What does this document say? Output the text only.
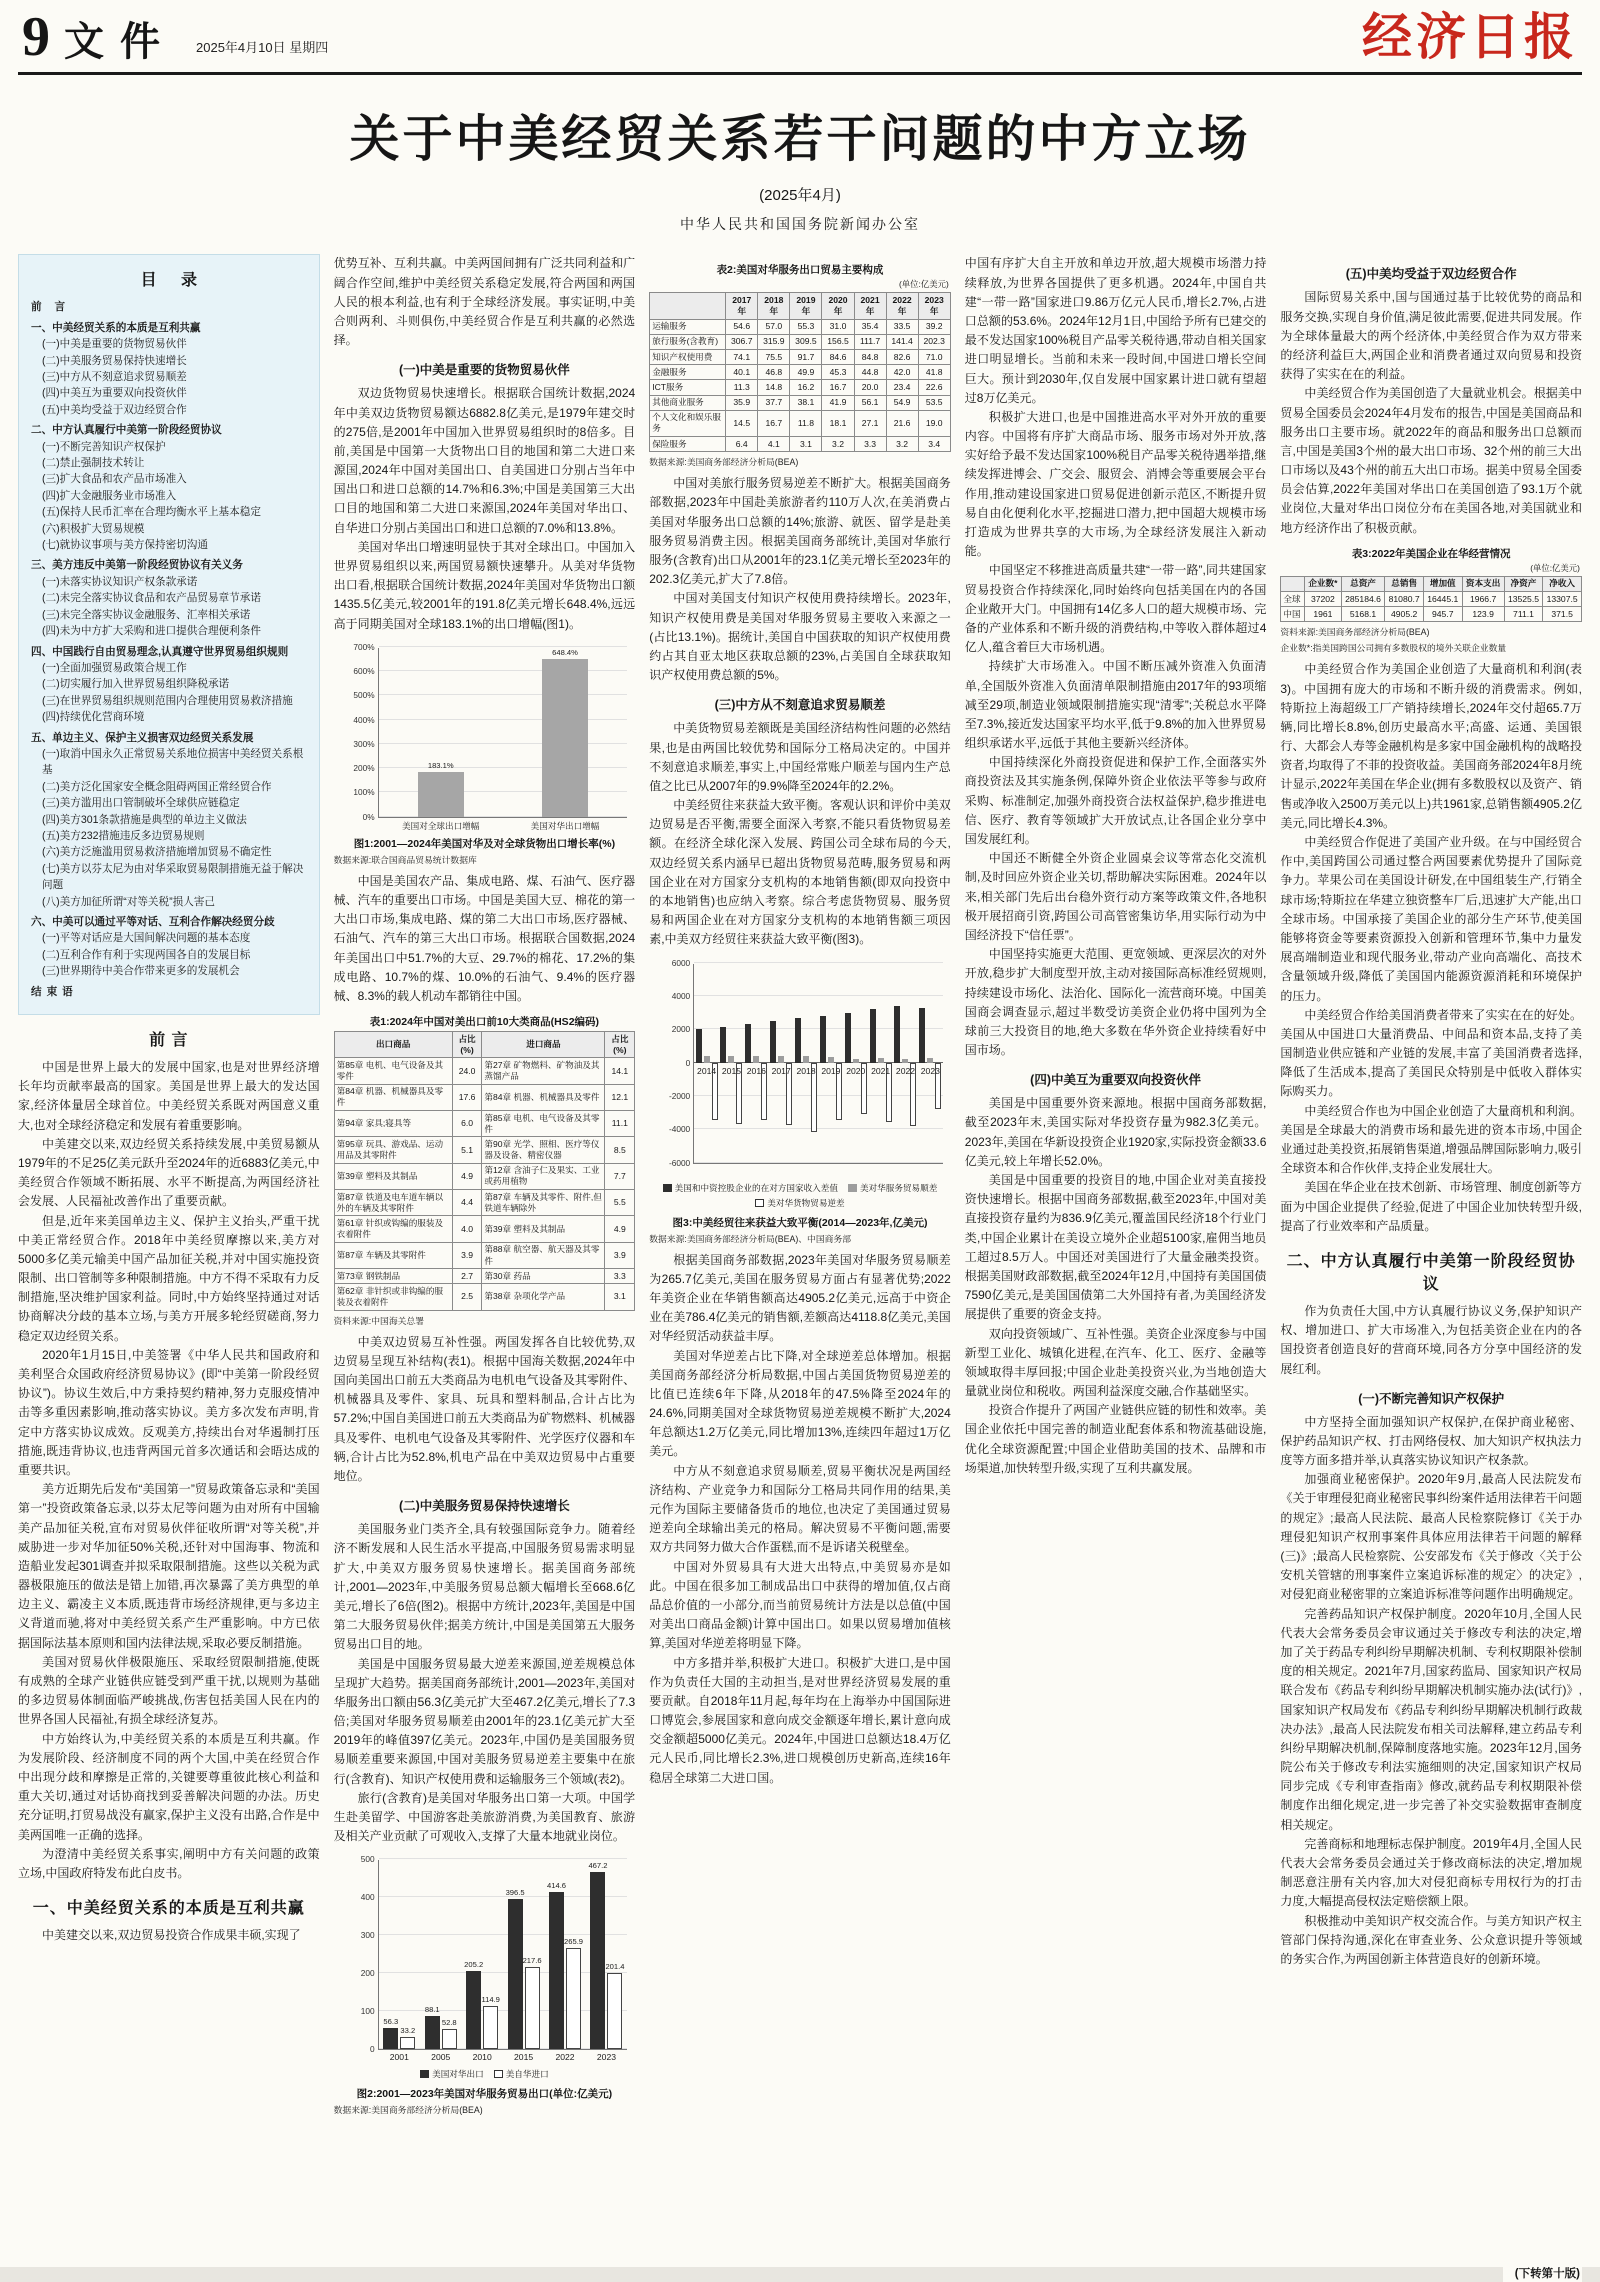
9 文件 2025年4月10日 星期四	经济日报
关于中美经贸关系若干问题的中方立场
(2025年4月)
中华人民共和国国务院新闻办公室
目 录
前 言
一、中美经贸关系的本质是互利共赢
(一)中美是重要的货物贸易伙伴
(二)中美服务贸易保持快速增长
(三)中方从不刻意追求贸易顺差
(四)中美互为重要双向投资伙伴
(五)中美均受益于双边经贸合作
二、中方认真履行中美第一阶段经贸协议
(一)不断完善知识产权保护
(二)禁止强制技术转让
(三)扩大食品和农产品市场准入
(四)扩大金融服务业市场准入
(五)保持人民币汇率在合理均衡水平上基本稳定
(六)积极扩大贸易规模
(七)就协议事项与美方保持密切沟通
三、美方违反中美第一阶段经贸协议有关义务
(一)未落实协议知识产权条款承诺
(二)未完全落实协议食品和农产品贸易章节承诺
(三)未完全落实协议金融服务、汇率相关承诺
(四)未为中方扩大采购和进口提供合理便利条件
四、中国践行自由贸易理念,认真遵守世界贸易组织规则
(一)全面加强贸易政策合规工作
(二)切实履行加入世界贸易组织降税承诺
(三)在世界贸易组织规则范围内合理使用贸易救济措施
(四)持续优化营商环境
五、单边主义、保护主义损害双边经贸关系发展
(一)取消中国永久正常贸易关系地位损害中美经贸关系根基
(二)美方泛化国家安全概念阻碍两国正常经贸合作
(三)美方滥用出口管制破坏全球供应链稳定
(四)美方301条款措施是典型的单边主义做法
(五)美方232措施违反多边贸易规则
(六)美方泛施滥用贸易救济措施增加贸易不确定性
(七)美方以芬太尼为由对华采取贸易限制措施无益于解决问题
(八)美方加征所谓“对等关税”损人害己
六、中美可以通过平等对话、互利合作解决经贸分歧
(一)平等对话应是大国间解决问题的基本态度
(二)互利合作有利于实现两国各自的发展目标
(三)世界期待中美合作带来更多的发展机会
结束语
前 言

中国是世界上最大的发展中国家,也是对世界经济增长年均贡献率最高的国家。美国是世界上最大的发达国家,经济体量居全球首位。中美经贸关系既对两国意义重大,也对全球经济稳定和发展有着重要影响。

中美建交以来,双边经贸关系持续发展,中美贸易额从1979年的不足25亿美元跃升至2024年的近6883亿美元,中美经贸合作领域不断拓展、水平不断提高,为两国经济社会发展、人民福祉改善作出了重要贡献。

但是,近年来美国单边主义、保护主义抬头,严重干扰中美正常经贸合作。2018年中美经贸摩擦以来,美方对5000多亿美元输美中国产品加征关税,并对中国实施投资限制、出口管制等多种限制措施。中方不得不采取有力反制措施,坚决维护国家利益。同时,中方始终坚持通过对话协商解决分歧的基本立场,与美方开展多轮经贸磋商,努力稳定双边经贸关系。

2020年1月15日,中美签署《中华人民共和国政府和美利坚合众国政府经济贸易协议》(即“中美第一阶段经贸协议”)。协议生效后,中方秉持契约精神,努力克服疫情冲击等多重因素影响,推动落实协议。美方多次发布声明,肯定中方落实协议成效。反观美方,持续出台对华遏制打压措施,既违背协议,也违背两国元首多次通话和会晤达成的重要共识。

美方近期先后发布“美国第一”贸易政策备忘录和“美国第一”投资政策备忘录,以芬太尼等问题为由对所有中国输美产品加征关税,宣布对贸易伙伴征收所谓“对等关税”,并威胁进一步对华加征50%关税,还针对中国海事、物流和造船业发起301调查并拟采取限制措施。这些以关税为武器极限施压的做法是错上加错,再次暴露了美方典型的单边主义、霸凌主义本质,既违背市场经济规律,更与多边主义背道而驰,将对中美经贸关系产生严重影响。中方已依据国际法基本原则和国内法律法规,采取必要反制措施。

美国对贸易伙伴极限施压、采取经贸限制措施,使既有成熟的全球产业链供应链受到严重干扰,以规则为基础的多边贸易体制面临严峻挑战,伤害包括美国人民在内的世界各国人民福祉,有损全球经济复苏。

中方始终认为,中美经贸关系的本质是互利共赢。作为发展阶段、经济制度不同的两个大国,中美在经贸合作中出现分歧和摩擦是正常的,关键要尊重彼此核心利益和重大关切,通过对话协商找到妥善解决问题的办法。历史充分证明,打贸易战没有赢家,保护主义没有出路,合作是中美两国唯一正确的选择。

为澄清中美经贸关系事实,阐明中方有关问题的政策立场,中国政府特发布此白皮书。

一、中美经贸关系的本质是互利共赢

中美建交以来,双边贸易投资合作成果丰硕,实现了

优势互补、互利共赢。中美两国间拥有广泛共同利益和广阔合作空间,维护中美经贸关系稳定发展,符合两国和两国人民的根本利益,也有利于全球经济发展。事实证明,中美合则两利、斗则俱伤,中美经贸合作是互利共赢的必然选择。

(一)中美是重要的货物贸易伙伴

双边货物贸易快速增长。根据联合国统计数据,2024年中美双边货物贸易额达6882.8亿美元,是1979年建交时的275倍,是2001年中国加入世界贸易组织时的8倍多。目前,美国是中国第一大货物出口目的地国和第二大进口来源国,2024年中国对美国出口、自美国进口分别占当年中国出口和进口总额的14.7%和6.3%;中国是美国第三大出口目的地国和第二大进口来源国,2024年美国对华出口、自华进口分别占美国出口和进口总额的7.0%和13.8%。

美国对华出口增速明显快于其对全球出口。中国加入世界贸易组织以来,两国贸易额快速攀升。从美对华货物出口看,根据联合国统计数据,2024年美国对华货物出口额1435.5亿美元,较2001年的191.8亿美元增长648.4%,远远高于同期美国对全球183.1%的出口增幅(图1)。

0%
100%
200%
300%
400%
500%
600%
700%
183.1%
美国对全球出口增幅
648.4%
美国对华出口增幅
图1:2001—2024年美国对华及对全球货物出口增长率(%)
数据来源:联合国商品贸易统计数据库

中国是美国农产品、集成电路、煤、石油气、医疗器械、汽车的重要出口市场。中国是美国大豆、棉花的第一大出口市场,集成电路、煤的第二大出口市场,医疗器械、石油气、汽车的第三大出口市场。根据联合国数据,2024年美国出口中51.7%的大豆、29.7%的棉花、17.2%的集成电路、10.7%的煤、10.0%的石油气、9.4%的医疗器械、8.3%的载人机动车都销往中国。

表1:2024年中国对美出口前10大类商品(HS2编码)
出口商品	占比(%)	进口商品	占比(%)
第85章 电机、电气设备及其零件	24.0	第27章 矿物燃料、矿物油及其蒸馏产品	14.1
第84章 机器、机械器具及零件	17.6	第84章 机器、机械器具及零件	12.1
第94章 家具;寝具等	6.0	第85章 电机、电气设备及其零件	11.1
第95章 玩具、游戏品、运动用品及其零附件	5.1	第90章 光学、照相、医疗等仪器及设备、精密仪器	8.5
第39章 塑料及其制品	4.9	第12章 含油子仁及果实、工业或药用植物	7.7
第87章 铁道及电车道车辆以外的车辆及其零附件	4.4	第87章 车辆及其零件、附件,但铁道车辆除外	5.5
第61章 针织或钩编的服装及衣着附件	4.0	第39章 塑料及其制品	4.9
第87章 车辆及其零附件	3.9	第88章 航空器、航天器及其零件	3.9
第73章 钢铁制品	2.7	第30章 药品	3.3
第62章 非针织或非钩编的服装及衣着附件	2.5	第38章 杂项化学产品	3.1
资料来源:中国海关总署

中美双边贸易互补性强。两国发挥各自比较优势,双边贸易呈现互补结构(表1)。根据中国海关数据,2024年中国向美国出口前五大类商品为电机电气设备及其零附件、机械器具及零件、家具、玩具和塑料制品,合计占比为57.2%;中国自美国进口前五大类商品为矿物燃料、机械器具及零件、电机电气设备及其零附件、光学医疗仪器和车辆,合计占比为52.8%,机电产品在中美双边贸易中占重要地位。

(二)中美服务贸易保持快速增长

美国服务业门类齐全,具有较强国际竞争力。随着经济不断发展和人民生活水平提高,中国服务贸易需求明显扩大,中美双方服务贸易快速增长。据美国商务部统计,2001—2023年,中美服务贸易总额大幅增长至668.6亿美元,增长了6倍(图2)。根据中方统计,2023年,美国是中国第二大服务贸易伙伴;据美方统计,中国是美国第五大服务贸易出口目的地。

美国是中国服务贸易最大逆差来源国,逆差规模总体呈现扩大趋势。据美国商务部统计,2001—2023年,美国对华服务出口额由56.3亿美元扩大至467.2亿美元,增长了7.3倍;美国对华服务贸易顺差由2001年的23.1亿美元扩大至2019年的峰值397亿美元。2023年,中国仍是美国服务贸易顺差重要来源国,中国对美服务贸易逆差主要集中在旅行(含教育)、知识产权使用费和运输服务三个领域(表2)。

旅行(含教育)是美国对华服务出口第一大项。中国学生赴美留学、中国游客赴美旅游消费,为美国教育、旅游及相关产业贡献了可观收入,支撑了大量本地就业岗位。

0
100
200
300
400
500
56.3
33.2
2001
88.1
52.8
2005
205.2
114.9
2010
396.5
217.6
2015
414.6
265.9
2022
467.2
201.4
2023
美国对华出口	美自华进口
图2:2001—2023年美国对华服务贸易出口(单位:亿美元)
数据来源:美国商务部经济分析局(BEA)
表2:美国对华服务出口贸易主要构成
(单位:亿美元)
	2017年	2018年	2019年	2020年	2021年	2022年	2023年
运输服务	54.6	57.0	55.3	31.0	35.4	33.5	39.2
旅行服务(含教育)	306.7	315.9	309.5	156.5	111.7	141.4	202.3
知识产权使用费	74.1	75.5	91.7	84.6	84.8	82.6	71.0
金融服务	40.1	46.8	49.9	45.3	44.8	42.0	41.8
ICT服务	11.3	14.8	16.2	16.7	20.0	23.4	22.6
其他商业服务	35.9	37.7	38.1	41.9	56.1	54.9	53.5
个人文化和娱乐服务	14.5	16.7	11.8	18.1	27.1	21.6	19.0
保险服务	6.4	4.1	3.1	3.2	3.3	3.2	3.4
数据来源:美国商务部经济分析局(BEA)

中国对美旅行服务贸易逆差不断扩大。根据美国商务部数据,2023年中国赴美旅游者约110万人次,在美消费占美国对华服务出口总额的14%;旅游、就医、留学是赴美服务贸易消费主因。根据美国商务部统计,美国对华旅行服务(含教育)出口从2001年的23.1亿美元增长至2023年的202.3亿美元,扩大了7.8倍。

中国对美国支付知识产权使用费持续增长。2023年,知识产权使用费是美国对华服务贸易主要收入来源之一(占比13.1%)。据统计,美国自中国获取的知识产权使用费约占其自亚太地区获取总额的23%,占美国自全球获取知识产权使用费总额的5%。

(三)中方从不刻意追求贸易顺差

中美货物贸易差额既是美国经济结构性问题的必然结果,也是由两国比较优势和国际分工格局决定的。中国并不刻意追求顺差,事实上,中国经常账户顺差与国内生产总值之比已从2007年的9.9%降至2024年的2.2%。

中美经贸往来获益大致平衡。客观认识和评价中美双边贸易是否平衡,需要全面深入考察,不能只看货物贸易差额。在经济全球化深入发展、跨国公司全球布局的今天,双边经贸关系内涵早已超出货物贸易范畴,服务贸易和两国企业在对方国家分支机构的本地销售额(即双向投资中的本地销售)也应纳入考察。综合考虑货物贸易、服务贸易和两国企业在对方国家分支机构的本地销售额三项因素,中美双方经贸往来获益大致平衡(图3)。

-6000
-4000
-2000
0
2000
4000
6000
2014 2015 2016 2017 2018 2019 2020 2021 2022 2023
美国和中资控股企业的在对方国家收入差值	美对华服务贸易顺差
美对华货物贸易逆差
图3:中美经贸往来获益大致平衡(2014—2023年,亿美元)
数据来源:美国商务部经济分析局(BEA)、中国商务部

根据美国商务部数据,2023年美国对华服务贸易顺差为265.7亿美元,美国在服务贸易方面占有显著优势;2022年美资企业在华销售额高达4905.2亿美元,远高于中资企业在美786.4亿美元的销售额,差额高达4118.8亿美元,美国对华经贸活动获益丰厚。

美国对华逆差占比下降,对全球逆差总体增加。根据美国商务部经济分析局数据,中国占美国货物贸易逆差的比值已连续6年下降,从2018年的47.5%降至2024年的24.6%,同期美国对全球货物贸易逆差规模不断扩大,2024年总额达1.2万亿美元,同比增加13%,连续四年超过1万亿美元。

中方从不刻意追求贸易顺差,贸易平衡状况是两国经济结构、产业竞争力和国际分工格局共同作用的结果,美元作为国际主要储备货币的地位,也决定了美国通过贸易逆差向全球输出美元的格局。解决贸易不平衡问题,需要双方共同努力做大合作蛋糕,而不是诉诸关税壁垒。

中国对外贸易具有大进大出特点,中美贸易亦是如此。中国在很多加工制成品出口中获得的增加值,仅占商品总价值的一小部分,而当前贸易统计方法是以总值(中国对美出口商品金额)计算中国出口。如果以贸易增加值核算,美国对华逆差将明显下降。

中方多措并举,积极扩大进口。积极扩大进口,是中国作为负责任大国的主动担当,是对世界经济贸易发展的重要贡献。自2018年11月起,每年均在上海举办中国国际进口博览会,参展国家和意向成交金额逐年增长,累计意向成交金额超5000亿美元。2024年,中国进口总额达18.4万亿元人民币,同比增长2.3%,进口规模创历史新高,连续16年稳居全球第二大进口国。

中国有序扩大自主开放和单边开放,超大规模市场潜力持续释放,为世界各国提供了更多机遇。2024年,中国自共建“一带一路”国家进口9.86万亿元人民币,增长2.7%,占进口总额的53.6%。2024年12月1日,中国给予所有已建交的最不发达国家100%税目产品零关税待遇,带动自相关国家进口明显增长。当前和未来一段时间,中国进口增长空间巨大。预计到2030年,仅自发展中国家累计进口就有望超过8万亿美元。

积极扩大进口,也是中国推进高水平对外开放的重要内容。中国将有序扩大商品市场、服务市场对外开放,落实好给予最不发达国家100%税目产品零关税待遇举措,继续发挥进博会、广交会、服贸会、消博会等重要展会平台作用,推动建设国家进口贸易促进创新示范区,不断提升贸易自由化便利化水平,挖掘进口潜力,把中国超大规模市场打造成为世界共享的大市场,为全球经济发展注入新动能。

中国坚定不移推进高质量共建“一带一路”,同共建国家贸易投资合作持续深化,同时始终向包括美国在内的各国企业敞开大门。中国拥有14亿多人口的超大规模市场、完备的产业体系和不断升级的消费结构,中等收入群体超过4亿人,蕴含着巨大市场机遇。

持续扩大市场准入。中国不断压减外资准入负面清单,全国版外资准入负面清单限制措施由2017年的93项缩减至29项,制造业领域限制措施实现“清零”;关税总水平降至7.3%,接近发达国家平均水平,低于9.8%的加入世界贸易组织承诺水平,远低于其他主要新兴经济体。

中国持续深化外商投资促进和保护工作,全面落实外商投资法及其实施条例,保障外资企业依法平等参与政府采购、标准制定,加强外商投资合法权益保护,稳步推进电信、医疗、教育等领域扩大开放试点,让各国企业分享中国发展红利。

中国还不断健全外资企业圆桌会议等常态化交流机制,及时回应外资企业关切,帮助解决实际困难。2024年以来,相关部门先后出台稳外资行动方案等政策文件,各地积极开展招商引资,跨国公司高管密集访华,用实际行动为中国经济投下“信任票”。

中国坚持实施更大范围、更宽领域、更深层次的对外开放,稳步扩大制度型开放,主动对接国际高标准经贸规则,持续建设市场化、法治化、国际化一流营商环境。中国美国商会调查显示,超过半数受访美资企业仍将中国列为全球前三大投资目的地,绝大多数在华外资企业持续看好中国市场。

(四)中美互为重要双向投资伙伴

美国是中国重要外资来源地。根据中国商务部数据,截至2023年末,美国实际对华投资存量为982.3亿美元。2023年,美国在华新设投资企业1920家,实际投资金额33.6亿美元,较上年增长52.0%。

美国是中国重要的投资目的地,中国企业对美直接投资快速增长。根据中国商务部数据,截至2023年,中国对美直接投资存量约为836.9亿美元,覆盖国民经济18个行业门类,中国企业累计在美设立境外企业超5100家,雇佣当地员工超过8.5万人。中国还对美国进行了大量金融类投资。根据美国财政部数据,截至2024年12月,中国持有美国国债7590亿美元,是美国国债第二大外国持有者,为美国经济发展提供了重要的资金支持。

双向投资领域广、互补性强。美资企业深度参与中国新型工业化、城镇化进程,在汽车、化工、医疗、金融等领域取得丰厚回报;中国企业赴美投资兴业,为当地创造大量就业岗位和税收。两国利益深度交融,合作基础坚实。

投资合作提升了两国产业链供应链的韧性和效率。美国企业依托中国完善的制造业配套体系和物流基础设施,优化全球资源配置;中国企业借助美国的技术、品牌和市场渠道,加快转型升级,实现了互利共赢发展。

(五)中美均受益于双边经贸合作

国际贸易关系中,国与国通过基于比较优势的商品和服务交换,实现自身价值,满足彼此需要,促进共同发展。作为全球体量最大的两个经济体,中美经贸合作为双方带来的经济利益巨大,两国企业和消费者通过双向贸易和投资获得了实实在在的利益。

中美经贸合作为美国创造了大量就业机会。根据美中贸易全国委员会2024年4月发布的报告,中国是美国商品和服务出口主要市场。就2022年的商品和服务出口总额而言,中国是美国3个州的最大出口市场、32个州的前三大出口市场以及43个州的前五大出口市场。据美中贸易全国委员会估算,2022年美国对华出口在美国创造了93.1万个就业岗位,大量对华出口岗位分布在美国各地,对美国就业和地方经济作出了积极贡献。

表3:2022年美国企业在华经营情况
(单位:亿美元)
	企业数*	总资产	总销售	增加值	资本支出	净资产	净收入
全球	37202	285184.6	81080.7	16445.1	1966.7	13525.5	13307.5
中国	1961	5168.1	4905.2	945.7	123.9	711.1	371.5
资料来源:美国商务部经济分析局(BEA)
企业数*:指美国跨国公司拥有多数股权的境外关联企业数量

中美经贸合作为美国企业创造了大量商机和利润(表3)。中国拥有庞大的市场和不断升级的消费需求。例如,特斯拉上海超级工厂产销持续增长,2024年交付超65.7万辆,同比增长8.8%,创历史最高水平;高盛、运通、美国银行、大都会人寿等金融机构是多家中国金融机构的战略投资者,均取得了不菲的投资收益。美国商务部2024年8月统计显示,2022年美国在华企业(拥有多数股权以及资产、销售或净收入2500万美元以上)共1961家,总销售额4905.2亿美元,同比增长4.3%。

中美经贸合作促进了美国产业升级。在与中国经贸合作中,美国跨国公司通过整合两国要素优势提升了国际竞争力。苹果公司在美国设计研发,在中国组装生产,行销全球市场;特斯拉在华建立独资整车厂后,迅速扩大产能,出口全球市场。中国承接了美国企业的部分生产环节,使美国能够将资金等要素资源投入创新和管理环节,集中力量发展高端制造业和现代服务业,带动产业向高端化、高技术含量领域升级,降低了美国国内能源资源消耗和环境保护的压力。

中美经贸合作给美国消费者带来了实实在在的好处。美国从中国进口大量消费品、中间品和资本品,支持了美国制造业供应链和产业链的发展,丰富了美国消费者选择,降低了生活成本,提高了美国民众特别是中低收入群体实际购买力。

中美经贸合作也为中国企业创造了大量商机和利润。美国是全球最大的消费市场和最先进的资本市场,中国企业通过赴美投资,拓展销售渠道,增强品牌国际影响力,吸引全球资本和合作伙伴,支持企业发展壮大。

美国在华企业在技术创新、市场管理、制度创新等方面为中国企业提供了经验,促进了中国企业加快转型升级,提高了行业效率和产品质量。

二、中方认真履行中美第一阶段经贸协议

作为负责任大国,中方认真履行协议义务,保护知识产权、增加进口、扩大市场准入,为包括美资企业在内的各国投资者创造良好的营商环境,同各方分享中国经济的发展红利。

(一)不断完善知识产权保护

中方坚持全面加强知识产权保护,在保护商业秘密、保护药品知识产权、打击网络侵权、加大知识产权执法力度等方面多措并举,认真落实协议知识产权条款。

加强商业秘密保护。2020年9月,最高人民法院发布《关于审理侵犯商业秘密民事纠纷案件适用法律若干问题的规定》;最高人民法院、最高人民检察院修订《关于办理侵犯知识产权刑事案件具体应用法律若干问题的解释(三)》;最高人民检察院、公安部发布《关于修改〈关于公安机关管辖的刑事案件立案追诉标准的规定〉的决定》,对侵犯商业秘密罪的立案追诉标准等问题作出明确规定。

完善药品知识产权保护制度。2020年10月,全国人民代表大会常务委员会审议通过关于修改专利法的决定,增加了关于药品专利纠纷早期解决机制、专利权期限补偿制度的相关规定。2021年7月,国家药监局、国家知识产权局联合发布《药品专利纠纷早期解决机制实施办法(试行)》,国家知识产权局发布《药品专利纠纷早期解决机制行政裁决办法》,最高人民法院发布相关司法解释,建立药品专利纠纷早期解决机制,保障制度落地实施。2023年12月,国务院公布关于修改专利法实施细则的决定,国家知识产权局同步完成《专利审查指南》修改,就药品专利权期限补偿制度作出细化规定,进一步完善了补交实验数据审查制度相关规定。

完善商标和地理标志保护制度。2019年4月,全国人民代表大会常务委员会通过关于修改商标法的决定,增加规制恶意注册有关内容,加大对侵犯商标专用权行为的打击力度,大幅提高侵权法定赔偿额上限。

积极推动中美知识产权交流合作。与美方知识产权主管部门保持沟通,深化在审查业务、公众意识提升等领域的务实合作,为两国创新主体营造良好的创新环境。

(下转第十版)
